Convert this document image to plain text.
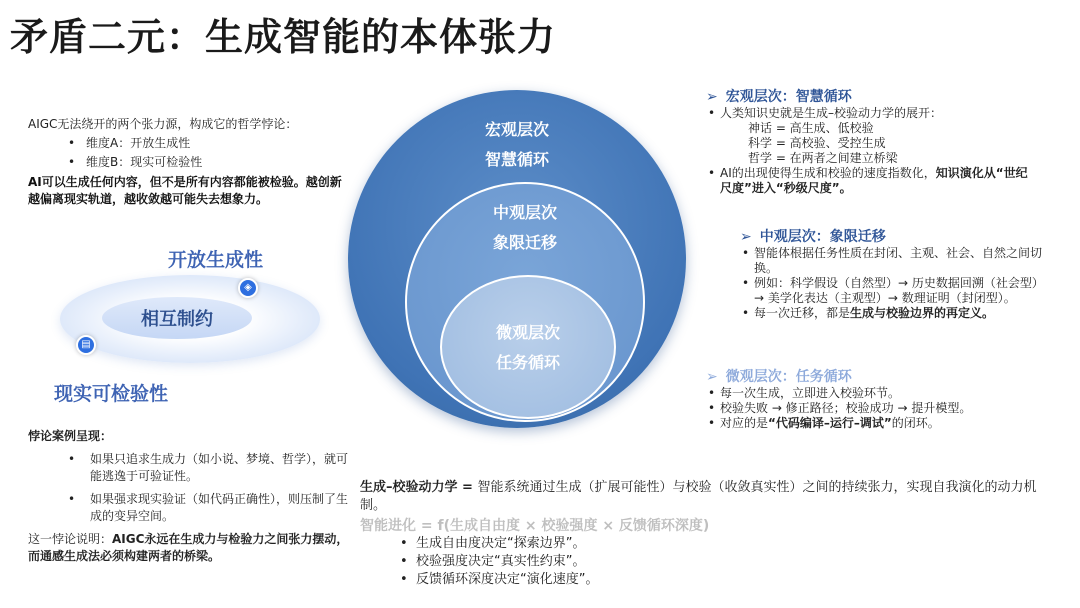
矛盾二元：生成智能的本体张力
AIGC无法绕开的两个张力源，构成它的哲学悖论：
• 维度A：开放生成性
• 维度B：现实可检验性
AI可以生成任何内容，但不是所有内容都能被检验。越创新越偏离现实轨道，越收敛越可能失去想象力。
开放生成性
相互制约
◈
▤
现实可检验性
悖论案例呈现：
• 如果只追求生成力（如小说、梦境、哲学），就可能逃逸于可验证性。
• 如果强求现实验证（如代码正确性），则压制了生成的变异空间。
这一悖论说明：AIGC永远在生成力与检验力之间张力摆动，而通感生成法必须构建两者的桥梁。
宏观层次
智慧循环
中观层次
象限迁移
微观层次
任务循环
➢ 宏观层次：智慧循环
• 人类知识史就是生成–校验动力学的展开：
神话 = 高生成、低校验
科学 = 高校验、受控生成
哲学 = 在两者之间建立桥梁
• AI的出现使得生成和校验的速度指数化，知识演化从“世纪尺度”进入“秒级尺度”。
➢ 中观层次：象限迁移
• 智能体根据任务性质在封闭、主观、社会、自然之间切换。
• 例如：科学假设（自然型）→ 历史数据回溯（社会型）→ 美学化表达（主观型）→ 数理证明（封闭型）。
• 每一次迁移，都是生成与校验边界的再定义。
➢ 微观层次：任务循环
• 每一次生成，立即进入校验环节。
• 校验失败 → 修正路径；校验成功 → 提升模型。
• 对应的是“代码编译–运行–调试”的闭环。
生成–校验动力学 = 智能系统通过生成（扩展可能性）与校验（收敛真实性）之间的持续张力，实现自我演化的动力机制。
智能进化 = f(生成自由度 × 校验强度 × 反馈循环深度)
• 生成自由度决定“探索边界”。
• 校验强度决定“真实性约束”。
• 反馈循环深度决定“演化速度”。
